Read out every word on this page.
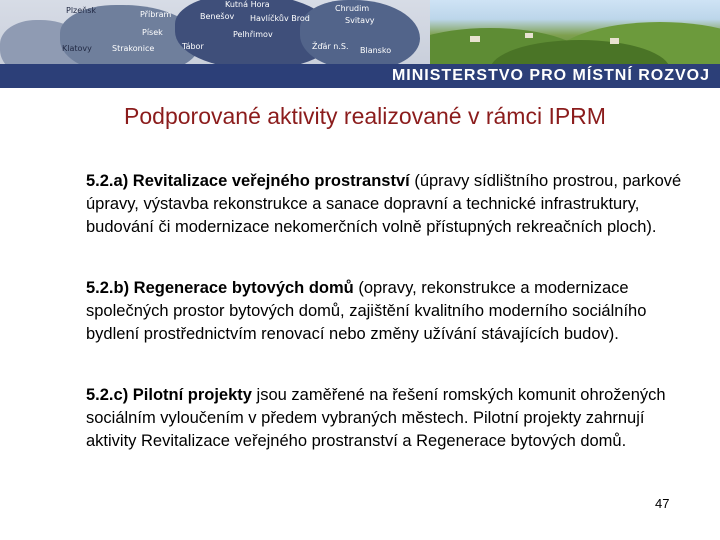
Plzeňsk	Příbram	Benešov
Kutná Hora
Havlíčkův Brod
Chrudim
Písek	Pelhřimov
Svitavy
Klatovy	Strakonice	Tábor	Žďár n.S. Blansko
MINISTERSTVO PRO MÍSTNÍ ROZVOJ
Podporované aktivity realizované v rámci IPRM
5.2.a) Revitalizace veřejného prostranství (úpravy sídlištního prostrou, parkové úpravy, výstavba rekonstrukce a sanace dopravní a technické infrastruktury, budování či modernizace nekomerčních volně přístupných rekreačních ploch).
5.2.b) Regenerace bytových domů (opravy, rekonstrukce a modernizace společných prostor bytových domů, zajištění kvalitního moderního sociálního bydlení prostřednictvím renovací nebo změny užívání stávajících budov).
5.2.c) Pilotní projekty jsou zaměřené na řešení romských komunit ohrožených sociálním vyloučením v předem vybraných městech. Pilotní projekty zahrnují aktivity Revitalizace veřejného prostranství a Regenerace bytových domů.
47
